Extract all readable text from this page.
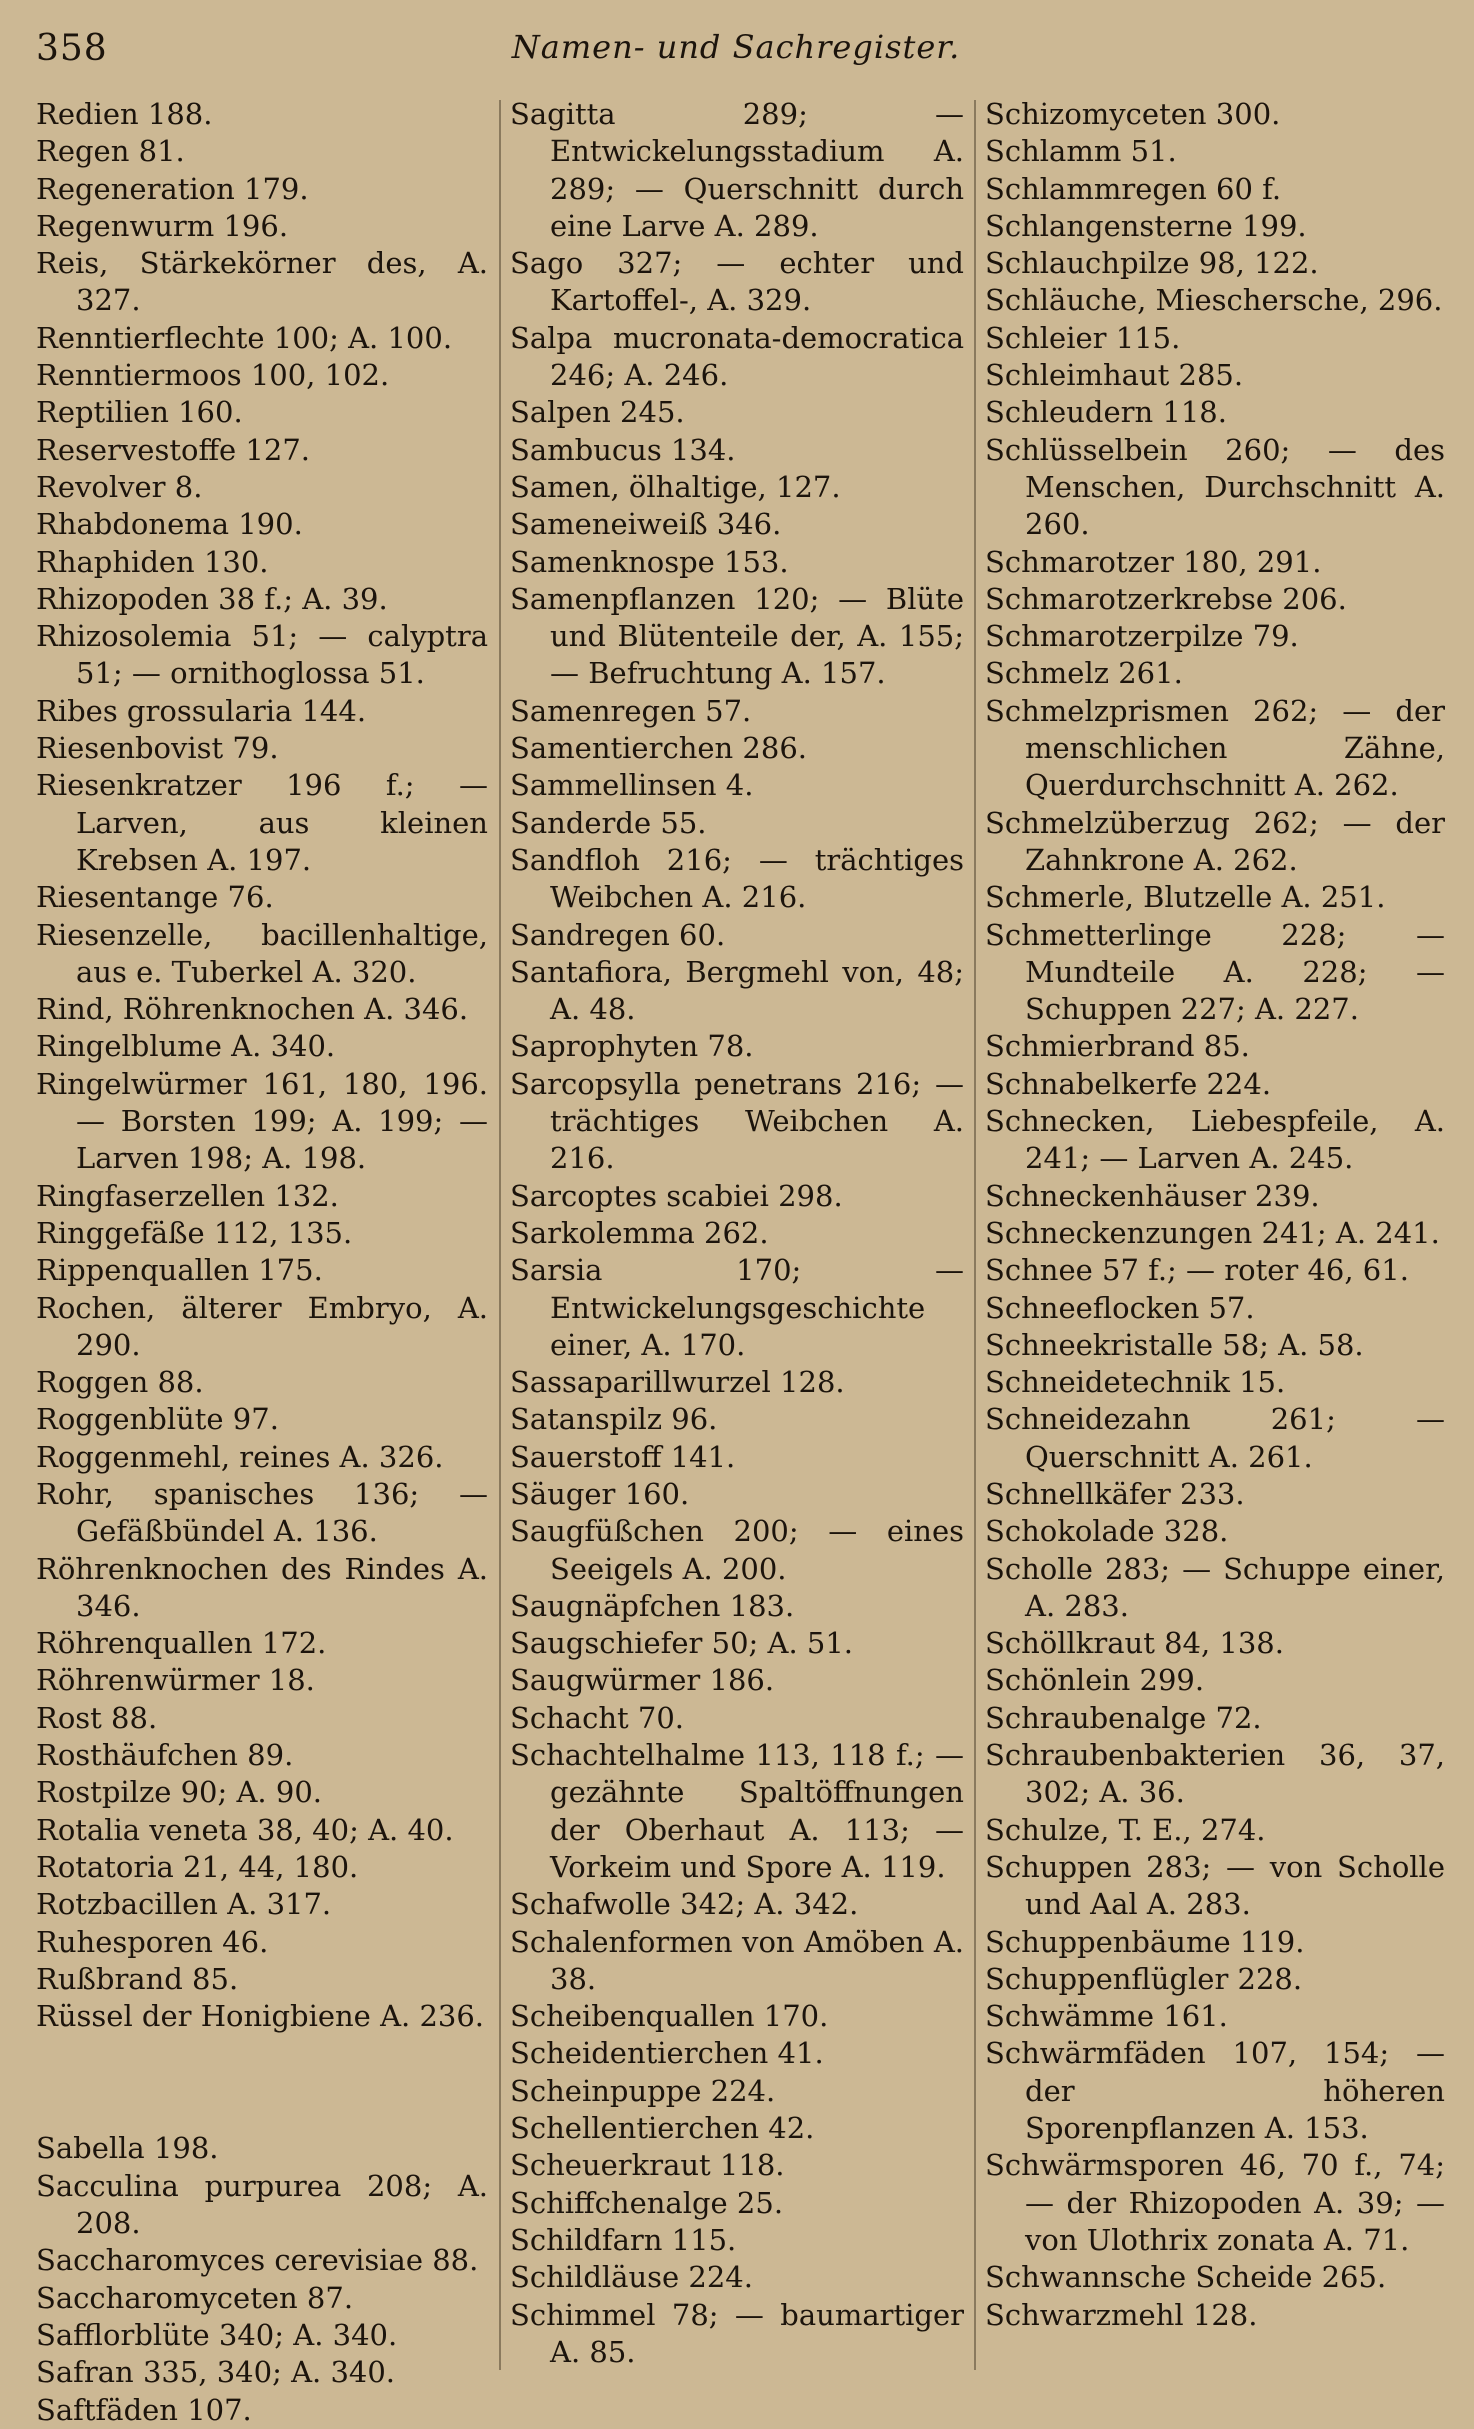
358	Namen- und Sachregister.

Redien 188.

Regen 81.

Regeneration 179.

Regenwurm 196.

Reis, Stärkekörner des, A. 327.

Renntierflechte 100; A. 100.

Renntiermoos 100, 102.

Reptilien 160.

Reservestoffe 127.

Revolver 8.

Rhabdonema 190.

Rhaphiden 130.

Rhizopoden 38 f.; A. 39.

Rhizosolemia 51; — calyptra 51; — ornithoglossa 51.

Ribes grossularia 144.

Riesenbovist 79.

Riesenkratzer 196 f.; — Larven, aus kleinen Krebsen A. 197.

Riesentange 76.

Riesenzelle, bacillenhaltige, aus e. Tuberkel A. 320.

Rind, Röhrenknochen A. 346.

Ringelblume A. 340.

Ringelwürmer 161, 180, 196. — Borsten 199; A. 199; — Larven 198; A. 198.

Ringfaserzellen 132.

Ringgefäße 112, 135.

Rippenquallen 175.

Rochen, älterer Embryo, A. 290.

Roggen 88.

Roggenblüte 97.

Roggenmehl, reines A. 326.

Rohr, spanisches 136; — Gefäßbündel A. 136.

Röhrenknochen des Rindes A. 346.

Röhrenquallen 172.

Röhrenwürmer 18.

Rost 88.

Rosthäufchen 89.

Rostpilze 90; A. 90.

Rotalia veneta 38, 40; A. 40.

Rotatoria 21, 44, 180.

Rotzbacillen A. 317.

Ruhesporen 46.

Rußbrand 85.

Rüssel der Honigbiene A. 236.

Sabella 198.

Sacculina purpurea 208; A. 208.

Saccharomyces cerevisiae 88.

Saccharomyceten 87.

Safflorblüte 340; A. 340.

Safran 335, 340; A. 340.

Saftfäden 107.

Sagitta 289; — Entwickelungsstadium A. 289; — Querschnitt durch eine Larve A. 289.

Sago 327; — echter und Kartoffel-, A. 329.

Salpa mucronata-democratica 246; A. 246.

Salpen 245.

Sambucus 134.

Samen, ölhaltige, 127.

Sameneiweiß 346.

Samenknospe 153.

Samenpflanzen 120; — Blüte und Blütenteile der, A. 155; — Befruchtung A. 157.

Samenregen 57.

Samentierchen 286.

Sammellinsen 4.

Sanderde 55.

Sandfloh 216; — trächtiges Weibchen A. 216.

Sandregen 60.

Santafiora, Bergmehl von, 48; A. 48.

Saprophyten 78.

Sarcopsylla penetrans 216; — trächtiges Weibchen A. 216.

Sarcoptes scabiei 298.

Sarkolemma 262.

Sarsia 170; — Entwickelungsgeschichte einer, A. 170.

Sassaparillwurzel 128.

Satanspilz 96.

Sauerstoff 141.

Säuger 160.

Saugfüßchen 200; — eines Seeigels A. 200.

Saugnäpfchen 183.

Saugschiefer 50; A. 51.

Saugwürmer 186.

Schacht 70.

Schachtelhalme 113, 118 f.; — gezähnte Spaltöffnungen der Oberhaut A. 113; — Vorkeim und Spore A. 119.

Schafwolle 342; A. 342.

Schalenformen von Amöben A. 38.

Scheibenquallen 170.

Scheidentierchen 41.

Scheinpuppe 224.

Schellentierchen 42.

Scheuerkraut 118.

Schiffchenalge 25.

Schildfarn 115.

Schildläuse 224.

Schimmel 78; — baumartiger A. 85.

Schizomyceten 300.

Schlamm 51.

Schlammregen 60 f.

Schlangensterne 199.

Schlauchpilze 98, 122.

Schläuche, Mieschersche, 296.

Schleier 115.

Schleimhaut 285.

Schleudern 118.

Schlüsselbein 260; — des Menschen, Durchschnitt A. 260.

Schmarotzer 180, 291.

Schmarotzerkrebse 206.

Schmarotzerpilze 79.

Schmelz 261.

Schmelzprismen 262; — der menschlichen Zähne, Querdurchschnitt A. 262.

Schmelzüberzug 262; — der Zahnkrone A. 262.

Schmerle, Blutzelle A. 251.

Schmetterlinge 228; — Mundteile A. 228; — Schuppen 227; A. 227.

Schmierbrand 85.

Schnabelkerfe 224.

Schnecken, Liebespfeile, A. 241; — Larven A. 245.

Schneckenhäuser 239.

Schneckenzungen 241; A. 241.

Schnee 57 f.; — roter 46, 61.

Schneeflocken 57.

Schneekristalle 58; A. 58.

Schneidetechnik 15.

Schneidezahn 261; — Querschnitt A. 261.

Schnellkäfer 233.

Schokolade 328.

Scholle 283; — Schuppe einer, A. 283.

Schöllkraut 84, 138.

Schönlein 299.

Schraubenalge 72.

Schraubenbakterien 36, 37, 302; A. 36.

Schulze, T. E., 274.

Schuppen 283; — von Scholle und Aal A. 283.

Schuppenbäume 119.

Schuppenflügler 228.

Schwämme 161.

Schwärmfäden 107, 154; — der höheren Sporenpflanzen A. 153.

Schwärmsporen 46, 70 f., 74; — der Rhizopoden A. 39; — von Ulothrix zonata A. 71.

Schwannsche Scheide 265.

Schwarzmehl 128.
